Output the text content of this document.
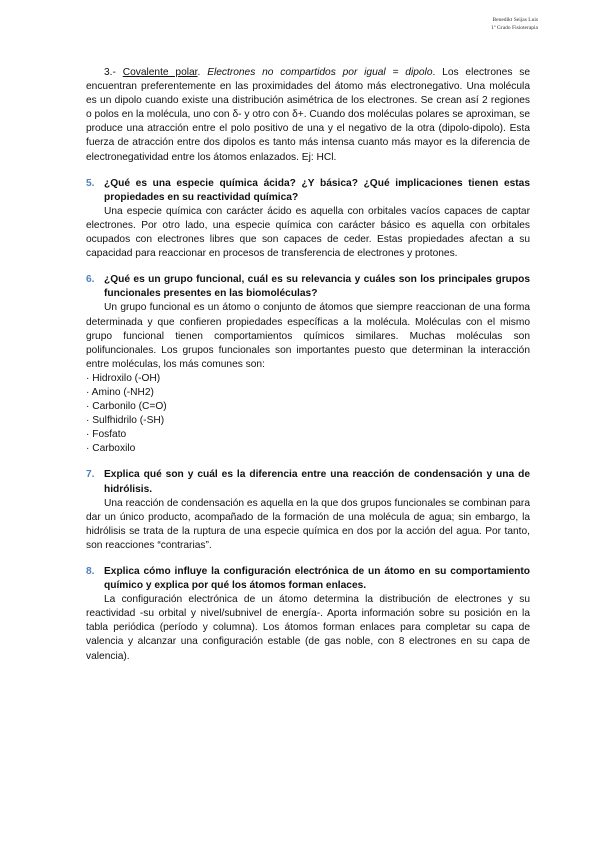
Benedikt Seijas Luis
1º Grado Fisioterapia

3.- Covalente polar. Electrones no compartidos por igual = dipolo. Los electrones se encuentran preferentemente en las proximidades del átomo más electronegativo. Una molécula es un dipolo cuando existe una distribución asimétrica de los electrones. Se crean así 2 regiones o polos en la molécula, uno con δ- y otro con δ+. Cuando dos moléculas polares se aproximan, se produce una atracción entre el polo positivo de una y el negativo de la otra (dipolo-dipolo). Esta fuerza de atracción entre dos dipolos es tanto más intensa cuanto más mayor es la diferencia de electronegatividad entre los átomos enlazados. Ej: HCl.

5. ¿Qué es una especie química ácida? ¿Y básica? ¿Qué implicaciones tienen estas propiedades en su reactividad química?

Una especie química con carácter ácido es aquella con orbitales vacíos capaces de captar electrones. Por otro lado, una especie química con carácter básico es aquella con orbitales ocupados con electrones libres que son capaces de ceder. Estas propiedades afectan a su capacidad para reaccionar en procesos de transferencia de electrones y protones.

6. ¿Qué es un grupo funcional, cuál es su relevancia y cuáles son los principales grupos funcionales presentes en las biomoléculas?

Un grupo funcional es un átomo o conjunto de átomos que siempre reaccionan de una forma determinada y que confieren propiedades específicas a la molécula. Moléculas con el mismo grupo funcional tienen comportamientos químicos similares. Muchas moléculas son polifuncionales. Los grupos funcionales son importantes puesto que determinan la interacción entre moléculas, los más comunes son:

· Hidroxilo (-OH)
· Amino (-NH2)
· Carbonilo (C=O)
· Sulfhidrilo (-SH)
· Fosfato
· Carboxilo
7. Explica qué son y cuál es la diferencia entre una reacción de condensación y una de hidrólisis.

Una reacción de condensación es aquella en la que dos grupos funcionales se combinan para dar un único producto, acompañado de la formación de una molécula de agua; sin embargo, la hidrólisis se trata de la ruptura de una especie química en dos por la acción del agua. Por tanto, son reacciones “contrarias”.

8. Explica cómo influye la configuración electrónica de un átomo en su comportamiento químico y explica por qué los átomos forman enlaces.

La configuración electrónica de un átomo determina la distribución de electrones y su reactividad -su orbital y nivel/subnivel de energía-. Aporta información sobre su posición en la tabla periódica (período y columna). Los átomos forman enlaces para completar su capa de valencia y alcanzar una configuración estable (de gas noble, con 8 electrones en su capa de valencia).
